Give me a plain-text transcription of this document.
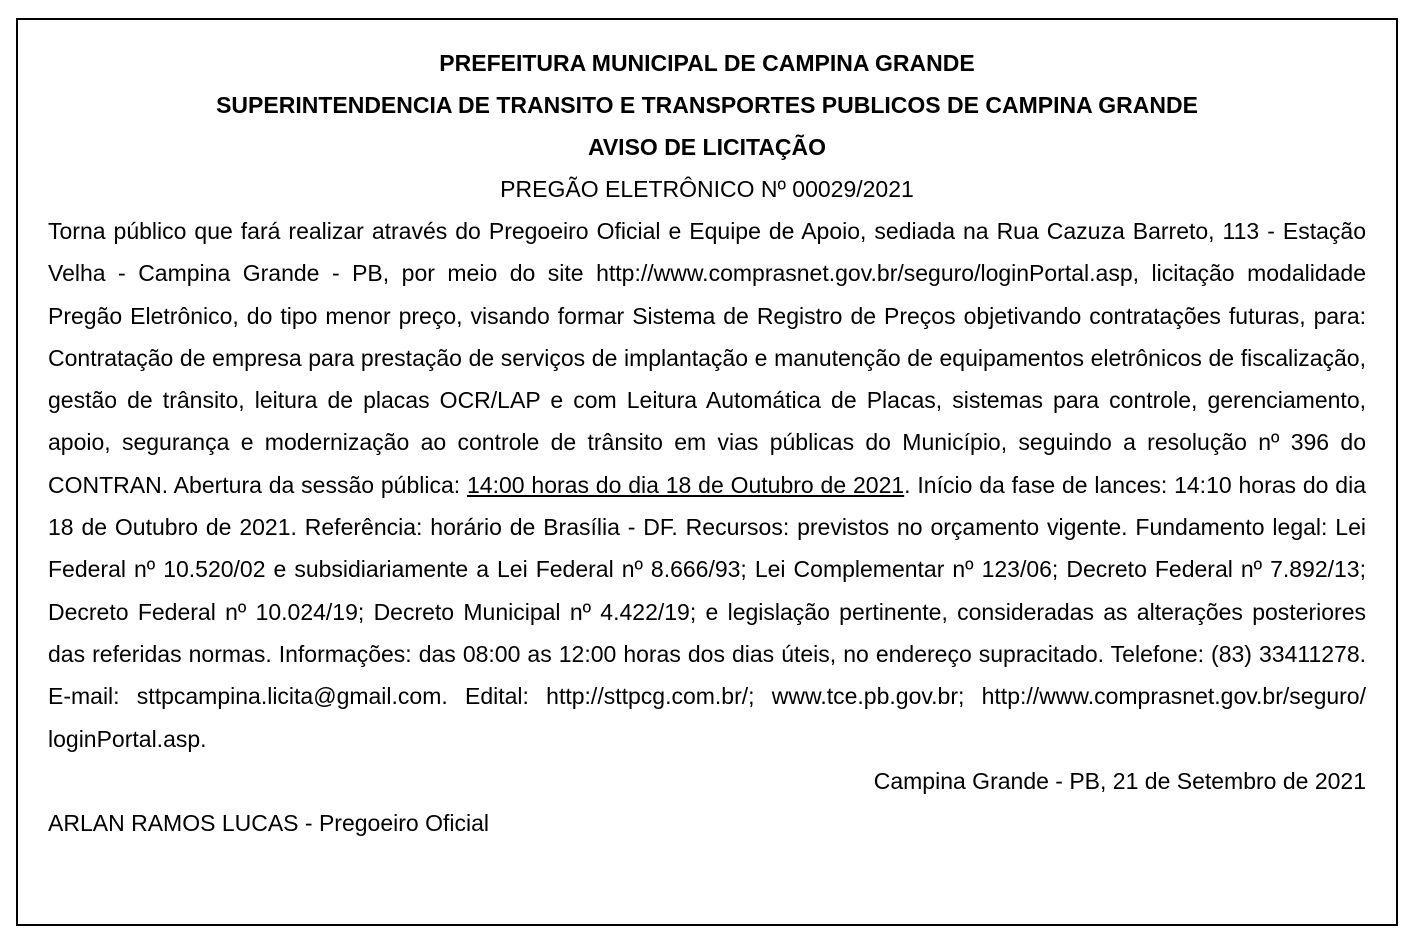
PREFEITURA MUNICIPAL DE CAMPINA GRANDE

SUPERINTENDENCIA DE TRANSITO E TRANSPORTES PUBLICOS DE CAMPINA GRANDE

AVISO DE LICITAÇÃO

PREGÃO ELETRÔNICO Nº 00029/2021

Torna público que fará realizar através do Pregoeiro Oficial e Equipe de Apoio, sediada na Rua Cazuza Barreto, 113 - Estação Velha - Campina Grande - PB, por meio do site http://www.comprasnet.gov.br/seguro/loginPortal.asp, licitação modalidade Pregão Eletrônico, do tipo menor preço, visando formar Sistema de Registro de Preços objetivando contratações futuras, para: Contratação de empresa para prestação de serviços de implantação e manutenção de equipamentos eletrônicos de fiscalização, gestão de trânsito, leitura de placas OCR/LAP e com Leitura Automática de Placas, sistemas para controle, gerenciamento, apoio, segurança e modernização ao controle de trânsito em vias públicas do Município, seguindo a resolução nº 396 do CONTRAN. Abertura da sessão pública: 14:00 horas do dia 18 de Outubro de 2021. Início da fase de lances: 14:10 horas do dia 18 de Outubro de 2021. Referência: horário de Brasília - DF. Recursos: previstos no orçamento vigente. Fundamento legal: Lei Federal nº 10.520/02 e subsidiariamente a Lei Federal nº 8.666/93; Lei Complementar nº 123/06; Decreto Federal nº 7.892/13; Decreto Federal nº 10.024/19; Decreto Municipal nº 4.422/19; e legislação pertinente, consideradas as alterações posteriores das referidas normas. Informações: das 08:00 as 12:00 horas dos dias úteis, no endereço supracitado. Telefone: (83) 33411278. E-mail: sttpcampina.licita@gmail.com. Edital: http://sttpcg.com.br/; www.tce.pb.gov.br; http://www.comprasnet.gov.br/seguro/ loginPortal.asp.

Campina Grande - PB, 21 de Setembro de 2021

ARLAN RAMOS LUCAS - Pregoeiro Oficial
